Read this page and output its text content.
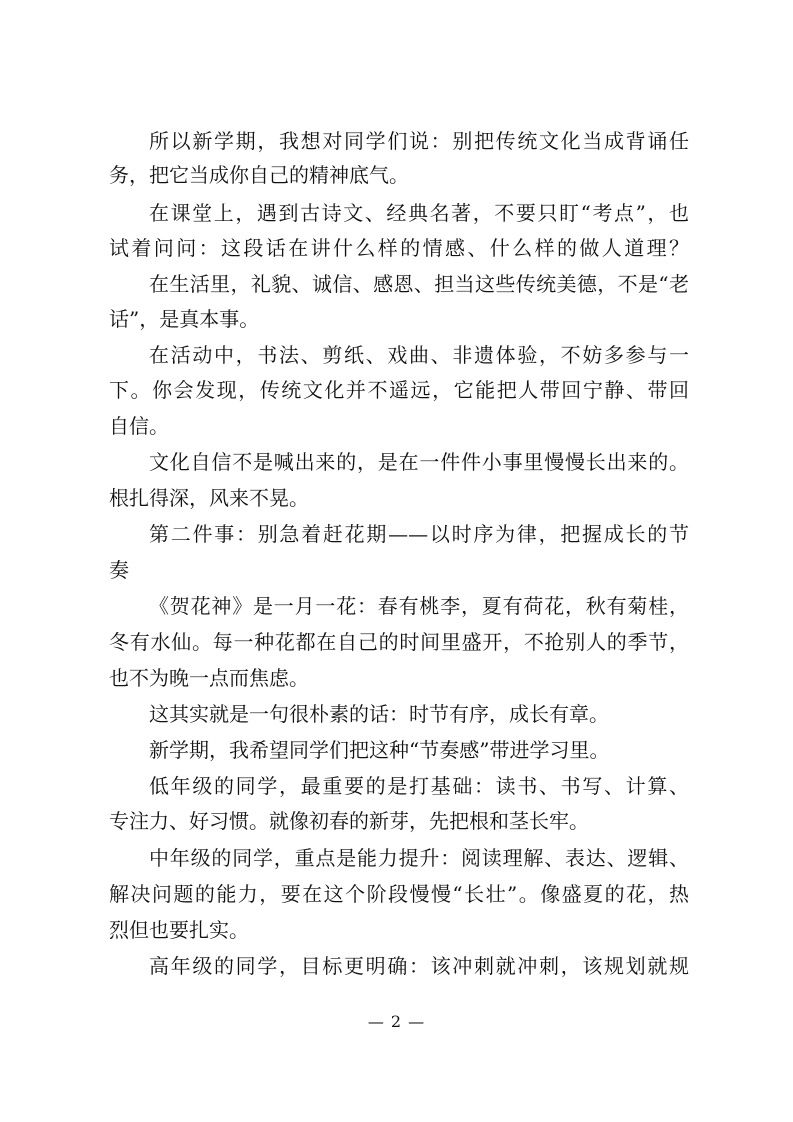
所以新学期，我想对同学们说：别把传统文化当成背诵任
务，把它当成你自己的精神底气。
在课堂上，遇到古诗文、经典名著，不要只盯“考点”，也
试着问问：这段话在讲什么样的情感、什么样的做人道理？
在生活里，礼貌、诚信、感恩、担当这些传统美德，不是“老
话”，是真本事。
在活动中，书法、剪纸、戏曲、非遗体验，不妨多参与一
下。你会发现，传统文化并不遥远，它能把人带回宁静、带回
自信。
文化自信不是喊出来的，是在一件件小事里慢慢长出来的。
根扎得深，风来不晃。
第二件事：别急着赶花期——以时序为律，把握成长的节
奏
《贺花神》是一月一花：春有桃李，夏有荷花，秋有菊桂，
冬有水仙。每一种花都在自己的时间里盛开，不抢别人的季节，
也不为晚一点而焦虑。
这其实就是一句很朴素的话：时节有序，成长有章。
新学期，我希望同学们把这种“节奏感”带进学习里。
低年级的同学，最重要的是打基础：读书、书写、计算、
专注力、好习惯。就像初春的新芽，先把根和茎长牢。
中年级的同学，重点是能力提升：阅读理解、表达、逻辑、
解决问题的能力，要在这个阶段慢慢“长壮”。像盛夏的花，热
烈但也要扎实。
高年级的同学，目标更明确：该冲刺就冲刺，该规划就规
— 2 —
